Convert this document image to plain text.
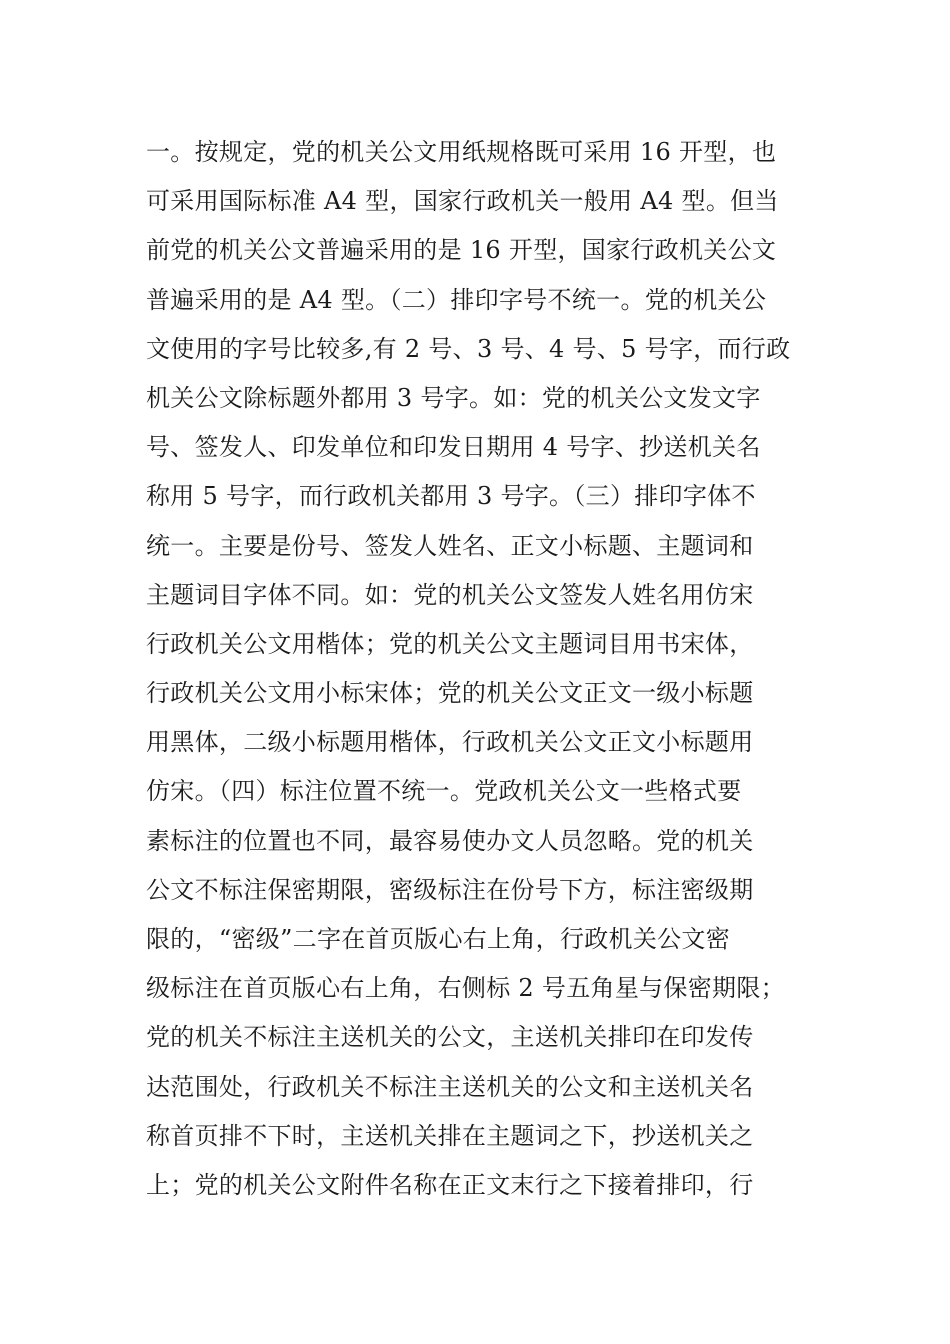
一。按规定，党的机关公文用纸规格既可采用 16 开型，也
可采用国际标准 A4 型，国家行政机关一般用 A4 型。但当
前党的机关公文普遍采用的是 16 开型，国家行政机关公文
普遍采用的是 A4 型。（二）排印字号不统一。党的机关公
文使用的字号比较多,有 2 号、3 号、4 号、5 号字，而行政
机关公文除标题外都用 3 号字。如：党的机关公文发文字
号、签发人、印发单位和印发日期用 4 号字、抄送机关名
称用 5 号字，而行政机关都用 3 号字。（三）排印字体不
统一。主要是份号、签发人姓名、正文小标题、主题词和
主题词目字体不同。如：党的机关公文签发人姓名用仿宋
行政机关公文用楷体；党的机关公文主题词目用书宋体，
行政机关公文用小标宋体；党的机关公文正文一级小标题
用黑体，二级小标题用楷体，行政机关公文正文小标题用
仿宋。（四）标注位置不统一。党政机关公文一些格式要
素标注的位置也不同，最容易使办文人员忽略。党的机关
公文不标注保密期限，密级标注在份号下方，标注密级期
限的，“密级”二字在首页版心右上角，行政机关公文密
级标注在首页版心右上角，右侧标 2 号五角星与保密期限；
党的机关不标注主送机关的公文，主送机关排印在印发传
达范围处，行政机关不标注主送机关的公文和主送机关名
称首页排不下时，主送机关排在主题词之下，抄送机关之
上；党的机关公文附件名称在正文末行之下接着排印，行
